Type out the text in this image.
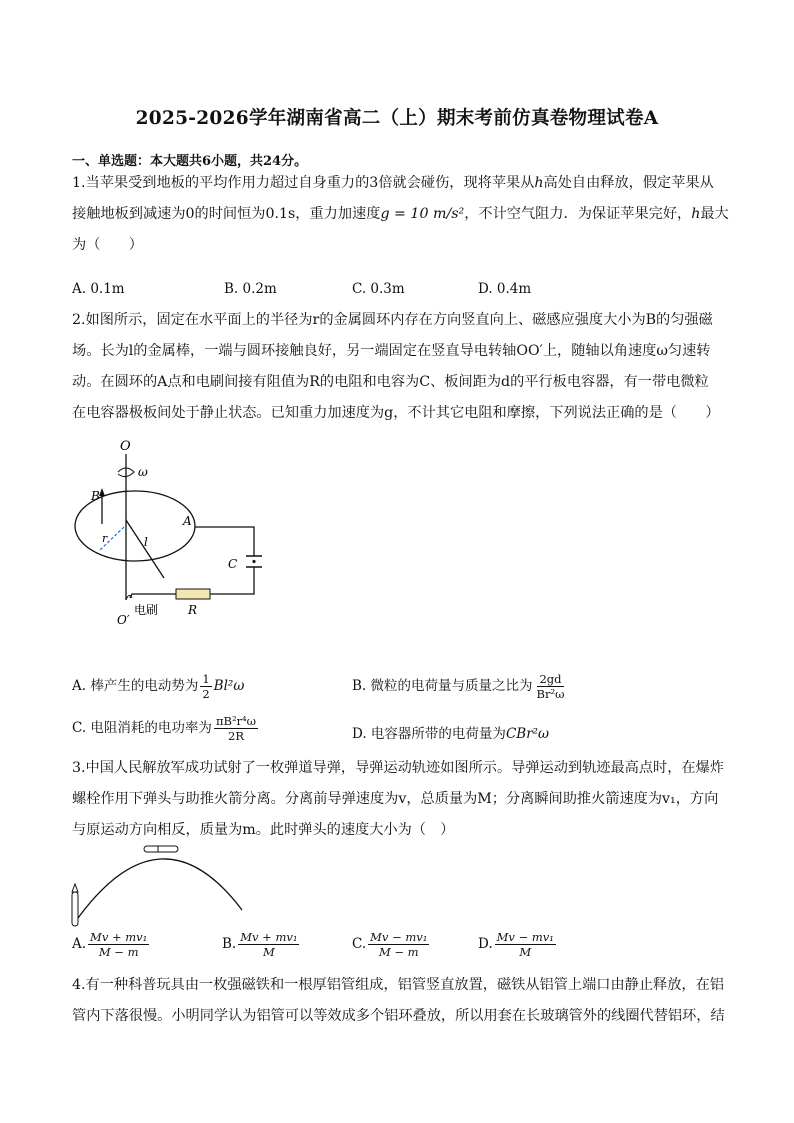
2025-2026学年湖南省高二（上）期末考前仿真卷物理试卷A
一、单选题：本大题共6小题，共24分。
1.当苹果受到地板的平均作用力超过自身重力的3倍就会碰伤，现将苹果从h高处自由释放，假定苹果从
接触地板到减速为0的时间恒为0.1s，重力加速度g = 10 m/s²，不计空气阻力．为保证苹果完好，h最大
为（　　）
A. 0.1m	B. 0.2m	C. 0.3m	D. 0.4m
2.如图所示，固定在水平面上的半径为r的金属圆环内存在方向竖直向上、磁感应强度大小为B的匀强磁
场。长为l的金属棒，一端与圆环接触良好，另一端固定在竖直导电转轴OO′上，随轴以角速度ω匀速转
动。在圆环的A点和电刷间接有阻值为R的电阻和电容为C、板间距为d的平行板电容器，有一带电微粒
在电容器极板间处于静止状态。已知重力加速度为g，不计其它电阻和摩擦，下列说法正确的是（　　）
O
ω
B
r	l
A
C
R
电刷
O′
A. 棒产生的电动势为 $\frac{1}{2} Bl^2\omega$	B. 微粒的电荷量与质量之比为 $\frac{2gd}{\text{Br²ω}}$
C. 电阻消耗的电功率为 $\frac{\text{πB²r⁴ω}}{2R}$	D. 电容器所带的电荷量为CBr²ω
3.中国人民解放军成功试射了一枚弹道导弹，导弹运动轨迹如图所示。导弹运动到轨迹最高点时，在爆炸
螺栓作用下弹头与助推火箭分离。分离前导弹速度为v，总质量为M；分离瞬间助推火箭速度为v₁，方向
与原运动方向相反，质量为m。此时弹头的速度大小为（　）
A. $\frac{\text{Mv + mv₁}}{M - m}$	B. $\frac{\text{Mv + mv₁}}{M}$	C. $\frac{\text{Mv − mv₁}}{M - m}$	D. $\frac{\text{Mv − mv₁}}{M}$
4.有一种科普玩具由一枚强磁铁和一根厚铝管组成，铝管竖直放置，磁铁从铝管上端口由静止释放，在铝
管内下落很慢。小明同学认为铝管可以等效成多个铝环叠放，所以用套在长玻璃管外的线圈代替铝环，结
